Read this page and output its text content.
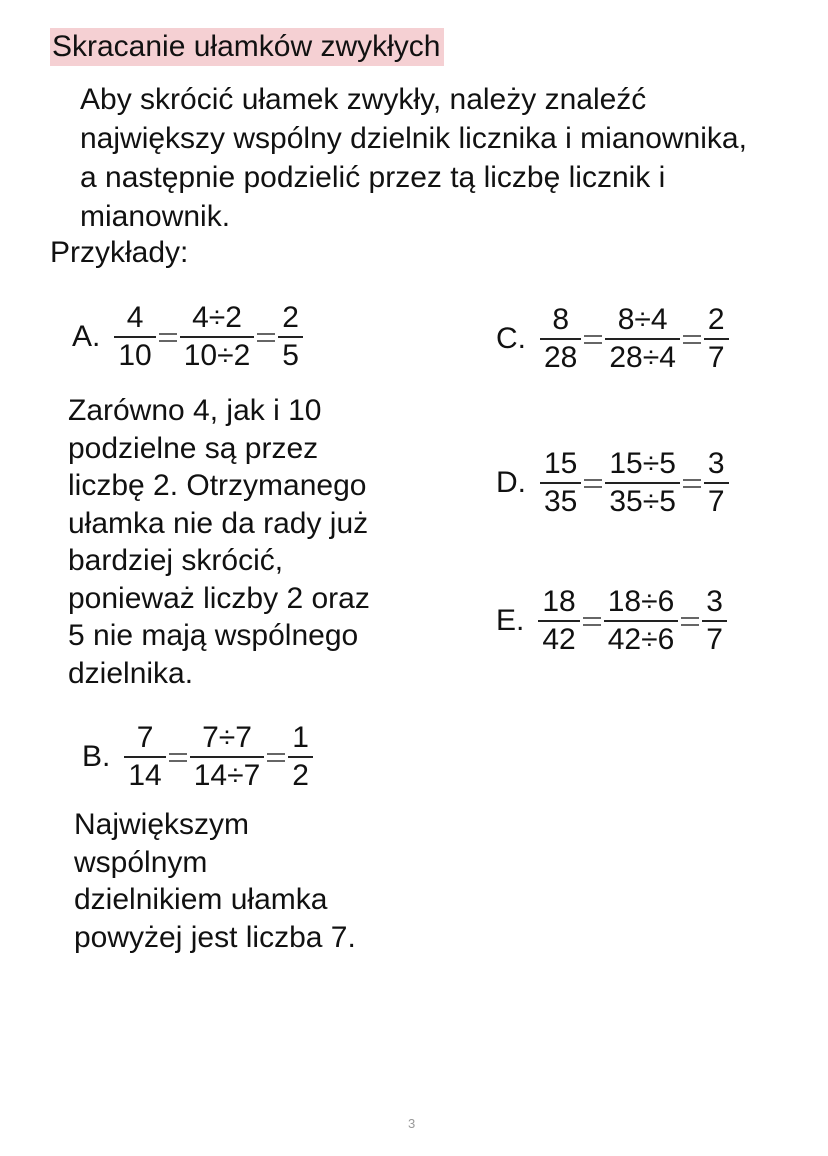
Skracanie ułamków zwykłych
Aby skrócić ułamek zwykły, należy znaleźć
największy wspólny dzielnik licznika i mianownika,
a następnie podzielić przez tą liczbę licznik i
mianownik.
Przykłady:
A. $\frac{4}{10} \frac{4\div 2}{10\div 2} \frac{2}{5}$
Zarówno 4, jak i 10
podzielne są przez
liczbę 2. Otrzymanego
ułamka nie da rady już
bardziej skrócić,
ponieważ liczby 2 oraz
5 nie mają wspólnego
dzielnika.
B. $\frac{7}{14} \frac{7\div 7}{14\div 7} \frac{1}{2}$
Największym
wspólnym
dzielnikiem ułamka
powyżej jest liczba 7.
C. $\frac{8}{28} \frac{8\div 4}{28\div 4} \frac{2}{7}$
D. $\frac{15}{35} \frac{15\div 5}{35\div 5} \frac{3}{7}$
E. $\frac{18}{42} \frac{18\div 6}{42\div 6} \frac{3}{7}$
3
